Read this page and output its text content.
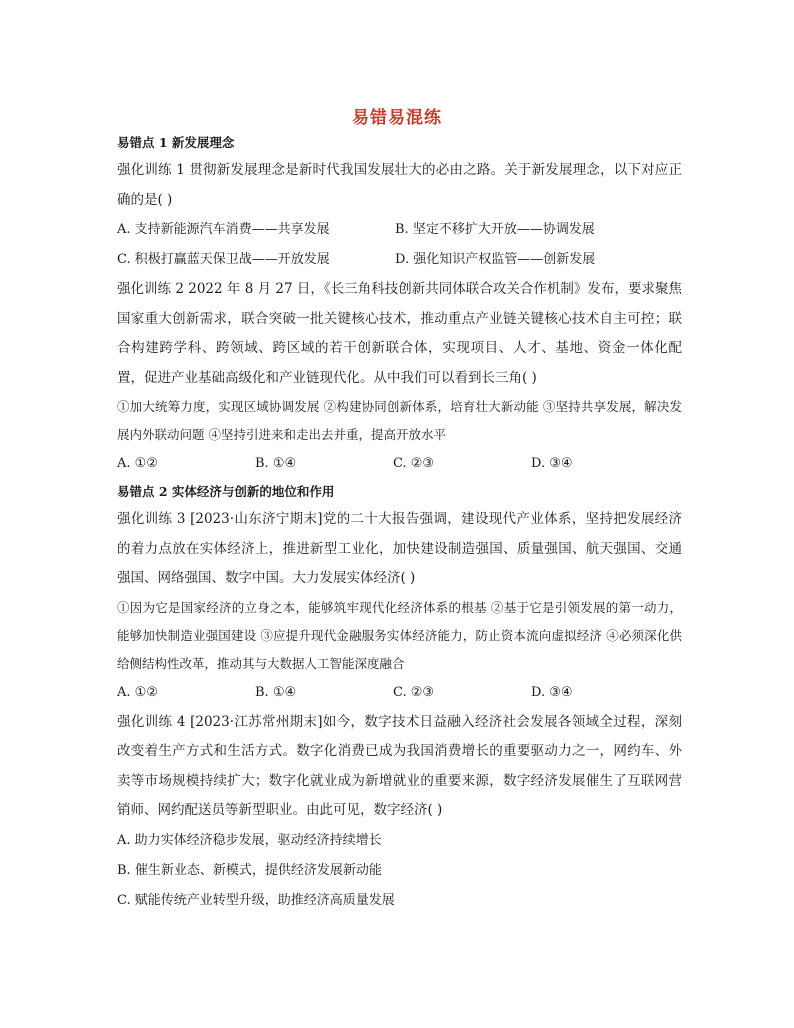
易错易混练
易错点 1 新发展理念
强化训练 1 贯彻新发展理念是新时代我国发展壮大的必由之路。关于新发展理念，以下对应正确的是( )
A. 支持新能源汽车消费——共享发展	B. 坚定不移扩大开放——协调发展
C. 积极打赢蓝天保卫战——开放发展	D. 强化知识产权监管——创新发展
强化训练 2 2022 年 8 月 27 日，《长三角科技创新共同体联合攻关合作机制》发布，要求聚焦国家重大创新需求，联合突破一批关键核心技术，推动重点产业链关键核心技术自主可控；联合构建跨学科、跨领域、跨区域的若干创新联合体，实现项目、人才、基地、资金一体化配置，促进产业基础高级化和产业链现代化。从中我们可以看到长三角( )
①加大统筹力度，实现区域协调发展 ②构建协同创新体系，培育壮大新动能 ③坚持共享发展，解决发展内外联动问题 ④坚持引进来和走出去并重，提高开放水平
A. ①②	B. ①④	C. ②③	D. ③④
易错点 2 实体经济与创新的地位和作用
强化训练 3 [2023·山东济宁期末]党的二十大报告强调，建设现代产业体系，坚持把发展经济的着力点放在实体经济上，推进新型工业化，加快建设制造强国、质量强国、航天强国、交通强国、网络强国、数字中国。大力发展实体经济( )
①因为它是国家经济的立身之本，能够筑牢现代化经济体系的根基 ②基于它是引领发展的第一动力，能够加快制造业强国建设 ③应提升现代金融服务实体经济能力，防止资本流向虚拟经济 ④必须深化供给侧结构性改革，推动其与大数据人工智能深度融合
A. ①②	B. ①④	C. ②③	D. ③④
强化训练 4 [2023·江苏常州期末]如今，数字技术日益融入经济社会发展各领域全过程，深刻改变着生产方式和生活方式。数字化消费已成为我国消费增长的重要驱动力之一，网约车、外卖等市场规模持续扩大；数字化就业成为新增就业的重要来源，数字经济发展催生了互联网营销师、网约配送员等新型职业。由此可见，数字经济( )
A. 助力实体经济稳步发展，驱动经济持续增长
B. 催生新业态、新模式，提供经济发展新动能
C. 赋能传统产业转型升级，助推经济高质量发展
